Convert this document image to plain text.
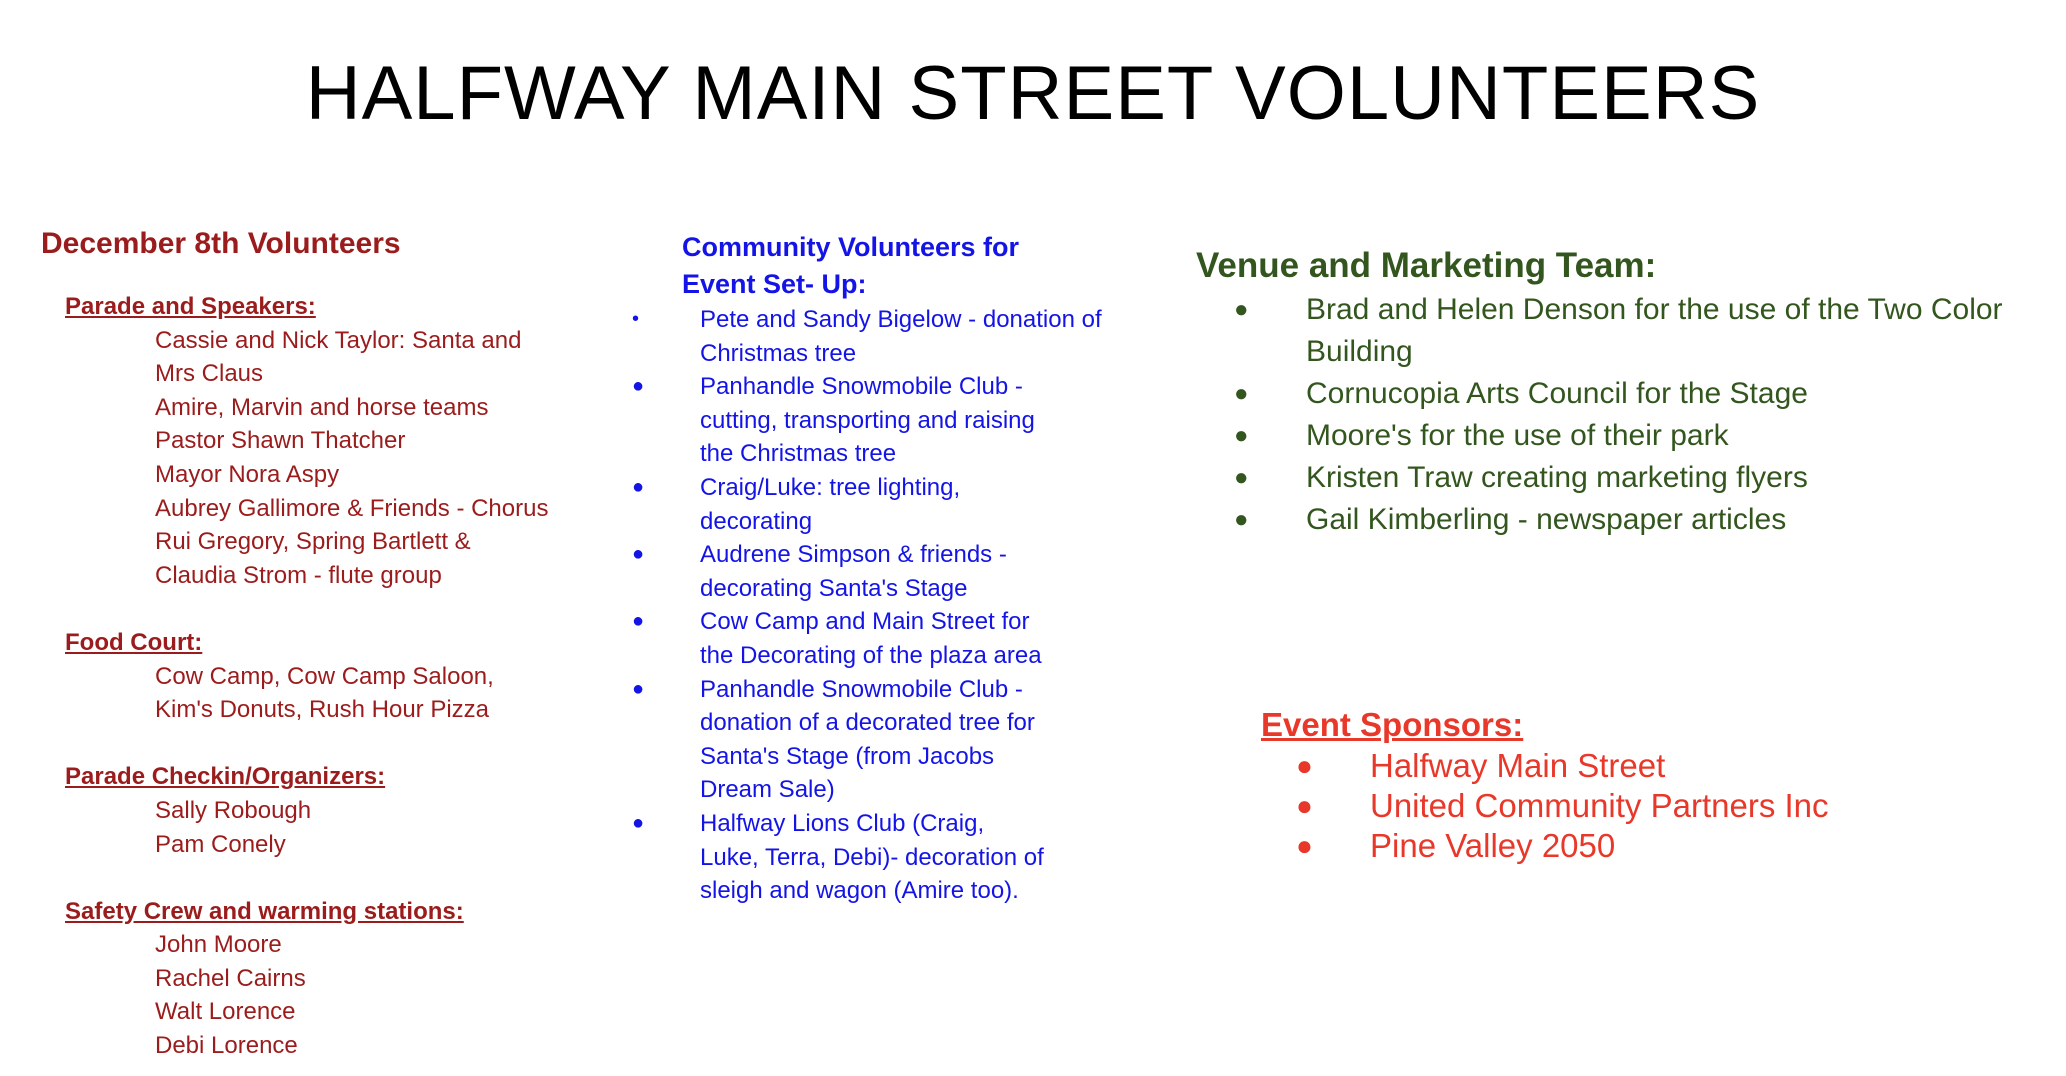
HALFWAY MAIN STREET VOLUNTEERS
December 8th Volunteers
Parade and Speakers:
Cassie and Nick Taylor: Santa and
Mrs Claus
Amire, Marvin and horse teams
Pastor Shawn Thatcher
Mayor Nora Aspy
Aubrey Gallimore & Friends - Chorus
Rui Gregory, Spring Bartlett &
Claudia Strom - flute group
Food Court:
Cow Camp, Cow Camp Saloon,
Kim's Donuts, Rush Hour Pizza
Parade Checkin/Organizers:
Sally Robough
Pam Conely
Safety Crew and warming stations:
John Moore
Rachel Cairns
Walt Lorence
Debi Lorence
Community Volunteers for
Event Set- Up:
•	Pete and Sandy Bigelow - donation of
Christmas tree
● Panhandle Snowmobile Club -
cutting, transporting and raising
the Christmas tree
● Craig/Luke: tree lighting,
decorating
● Audrene Simpson & friends -
decorating Santa's Stage
● Cow Camp and Main Street for
the Decorating of the plaza area
● Panhandle Snowmobile Club -
donation of a decorated tree for
Santa's Stage (from Jacobs
Dream Sale)
● Halfway Lions Club (Craig,
Luke, Terra, Debi)- decoration of
sleigh and wagon (Amire too).
Venue and Marketing Team:
● Brad and Helen Denson for the use of the Two Color
Building
● Cornucopia Arts Council for the Stage
● Moore's for the use of their park
● Kristen Traw creating marketing flyers
● Gail Kimberling - newspaper articles
Event Sponsors:
● Halfway Main Street
● United Community Partners Inc
● Pine Valley 2050
